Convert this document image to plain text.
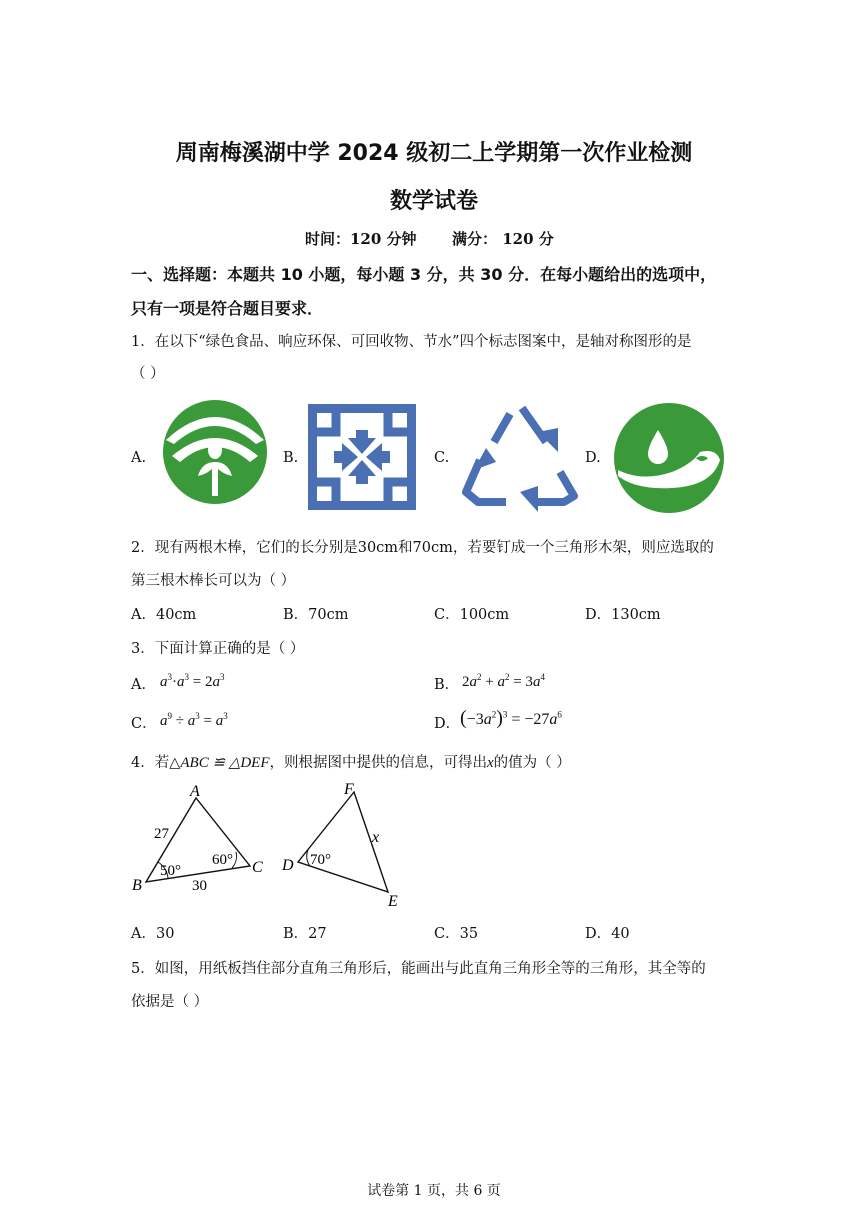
周南梅溪湖中学 2024 级初二上学期第一次作业检测
数学试卷
时间：120 分钟 满分： 120 分
一、选择题：本题共 10 小题，每小题 3 分，共 30 分．在每小题给出的选项中，
只有一项是符合题目要求．
1．在以下“绿色食品、响应环保、可回收物、节水”四个标志图案中，是轴对称图形的是
（ ）
A.	B.	C.	D.
2．现有两根木棒，它们的长分别是30cm和70cm，若要钉成一个三角形木架，则应选取的
第三根木棒长可以为（ ）
A．40cm	B．70cm	C．100cm	D．130cm
3．下面计算正确的是（ ）
A． $a^3\cdot a^3 = 2a^3$	B． $2a^2 + a^2 = 3a^4$
C． $a^9 \div a^3 = a^3$	D． $(-3a^2)^3 = -27a^6$
4．若△ABC ≌ △DEF，则根据图中提供的信息，可得出x的值为（ ）
A
B
C
27
30
50°
60°
F
D
E
70°
x
A．30	B．27	C．35	D．40
5．如图，用纸板挡住部分直角三角形后，能画出与此直角三角形全等的三角形，其全等的
依据是（ ）
试卷第 1 页，共 6 页
